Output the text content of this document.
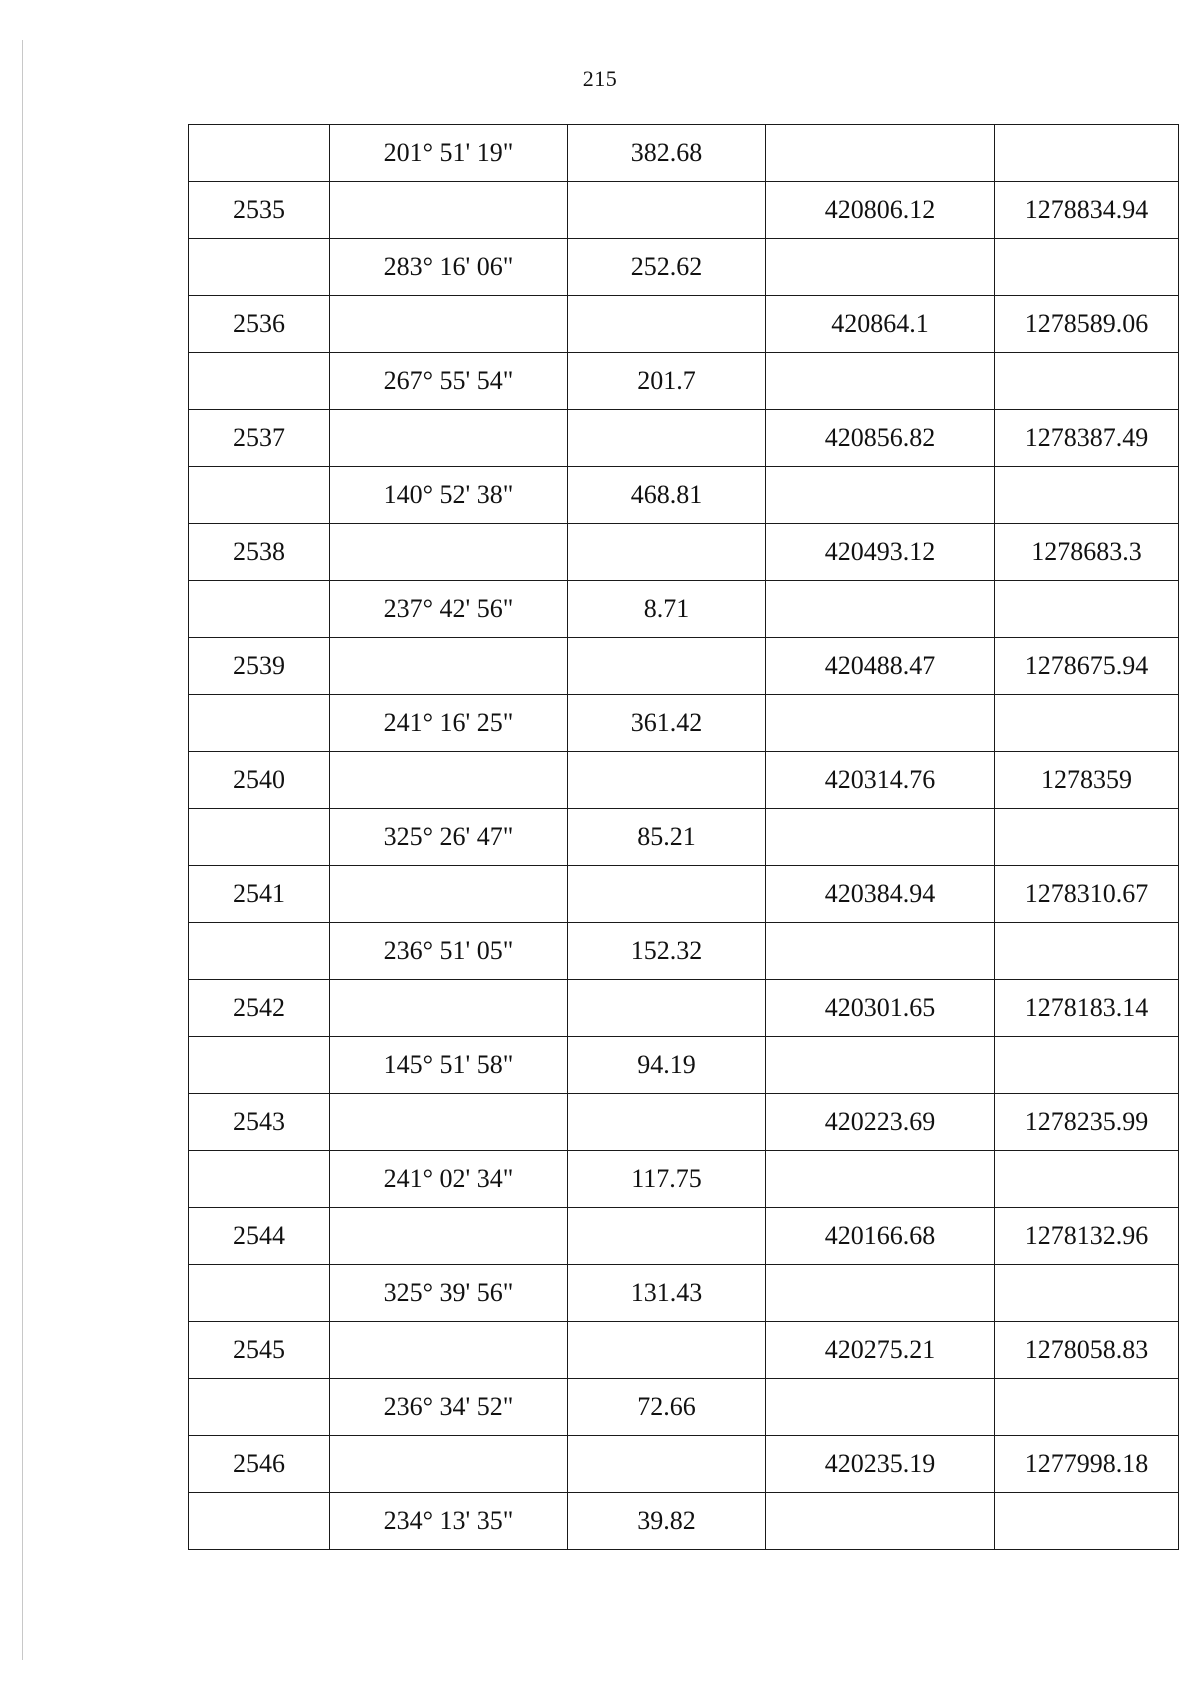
215
	201° 51' 19"	382.68		
2535			420806.12	1278834.94
	283° 16' 06"	252.62		
2536			420864.1	1278589.06
	267° 55' 54"	201.7		
2537			420856.82	1278387.49
	140° 52' 38"	468.81		
2538			420493.12	1278683.3
	237° 42' 56"	8.71		
2539			420488.47	1278675.94
	241° 16' 25"	361.42		
2540			420314.76	1278359
	325° 26' 47"	85.21		
2541			420384.94	1278310.67
	236° 51' 05"	152.32		
2542			420301.65	1278183.14
	145° 51' 58"	94.19		
2543			420223.69	1278235.99
	241° 02' 34"	117.75		
2544			420166.68	1278132.96
	325° 39' 56"	131.43		
2545			420275.21	1278058.83
	236° 34' 52"	72.66		
2546			420235.19	1277998.18
	234° 13' 35"	39.82		
